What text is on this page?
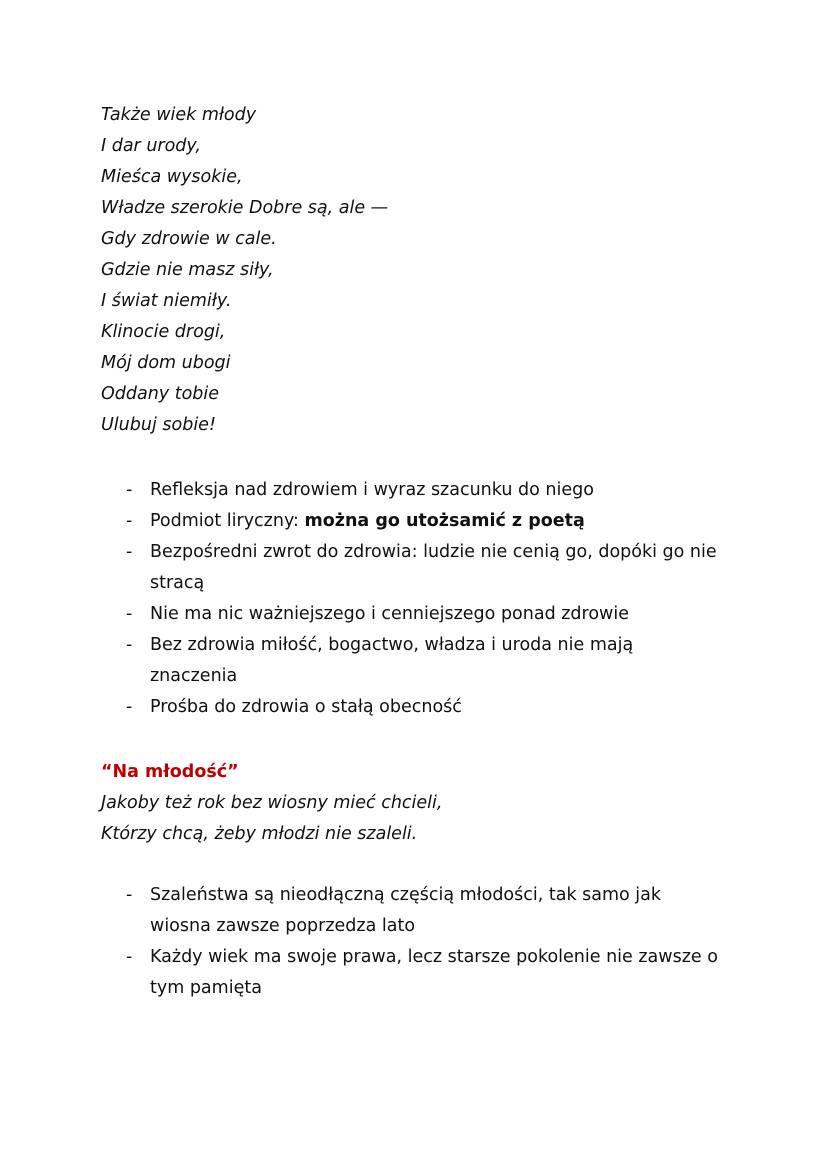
Także wiek młody
I dar urody,
Mieśca wysokie,
Władze szerokie Dobre są, ale —
Gdy zdrowie w cale.
Gdzie nie masz siły,
I świat niemiły.
Klinocie drogi,
Mój dom ubogi
Oddany tobie
Ulubuj sobie!
- Refleksja nad zdrowiem i wyraz szacunku do niego
- Podmiot liryczny: można go utożsamić z poetą
- Bezpośredni zwrot do zdrowia: ludzie nie cenią go, dopóki go nie
stracą
- Nie ma nic ważniejszego i cenniejszego ponad zdrowie
- Bez zdrowia miłość, bogactwo, władza i uroda nie mają
znaczenia
- Prośba do zdrowia o stałą obecność
“Na młodość”
Jakoby też rok bez wiosny mieć chcieli,
Którzy chcą, żeby młodzi nie szaleli.
- Szaleństwa są nieodłączną częścią młodości, tak samo jak
wiosna zawsze poprzedza lato
- Każdy wiek ma swoje prawa, lecz starsze pokolenie nie zawsze o
tym pamięta
